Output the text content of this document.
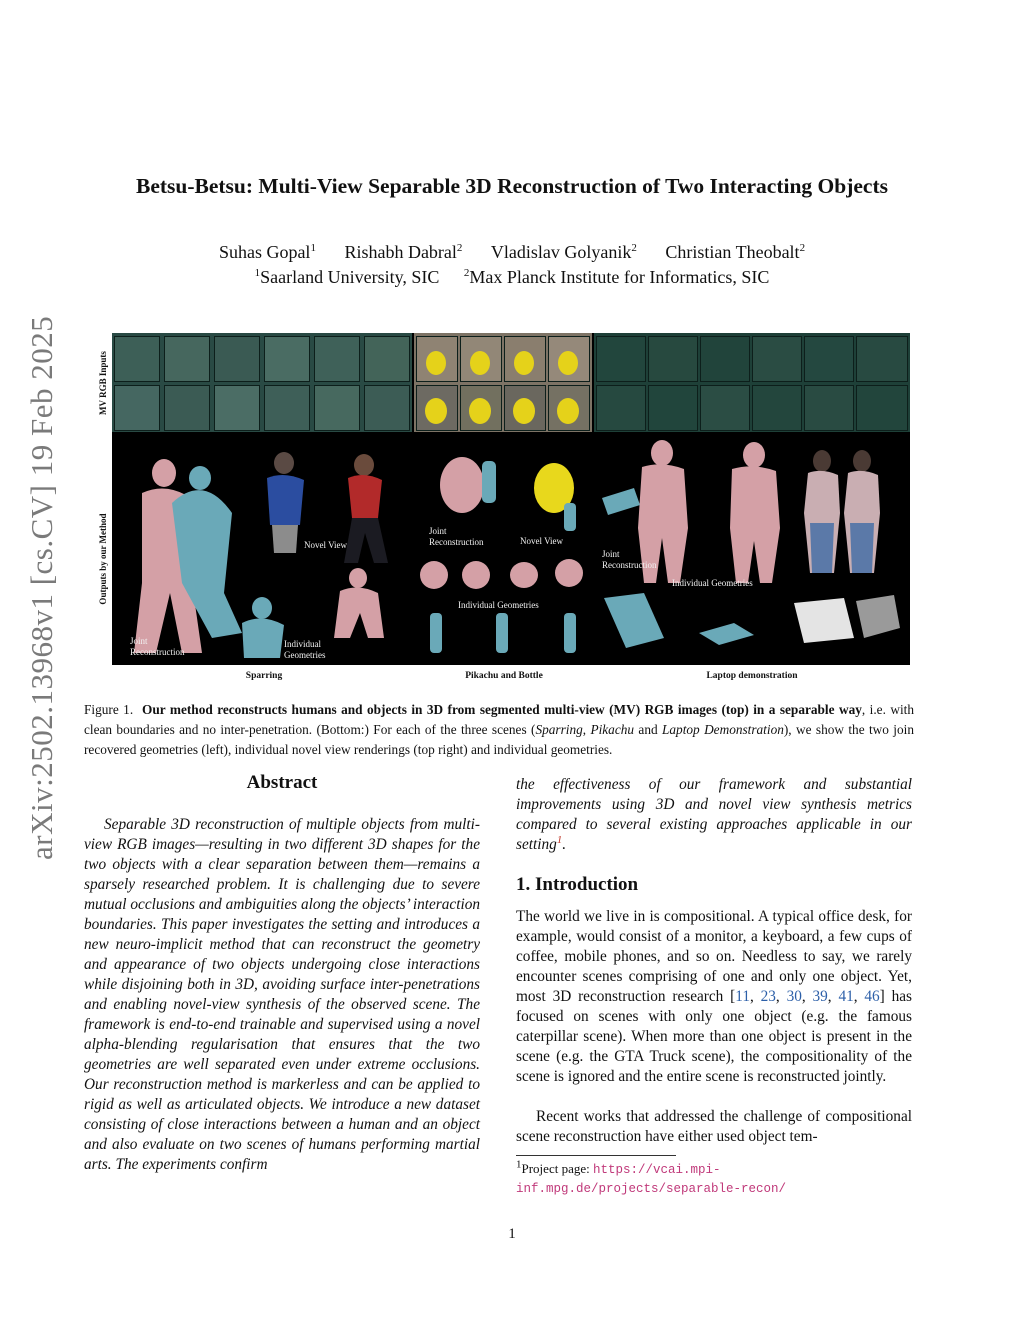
arXiv:2502.13968v1 [cs.CV] 19 Feb 2025
Betsu-Betsu: Multi-View Separable 3D Reconstruction of Two Interacting Objects
Suhas Gopal$^1$ Rishabh Dabral$^2$ Vladislav Golyanik$^2$ Christian Theobalt$^2$
$^1$Saarland University, SIC $^2$Max Planck Institute for Informatics, SIC
MV RGB Inputs
Outputs by our Method	Novel View
Joint
Reconstruction
Individual
Geometries
Joint
Reconstruction	Novel View
Individual Geometries
Joint
Reconstruction
Individual Geometries
Sparring	Pikachu and Bottle	Laptop demonstration
Figure 1. Our method reconstructs humans and objects in 3D from segmented multi-view (MV) RGB images (top) in a separable way, i.e. with clean boundaries and no inter-penetration. (Bottom:) For each of the three scenes (Sparring, Pikachu and Laptop Demonstration), we show the two join recovered geometries (left), individual novel view renderings (top right) and individual geometries.
Abstract
Separable 3D reconstruction of multiple objects from multi-view RGB images—resulting in two different 3D shapes for the two objects with a clear separation between them—remains a sparsely researched problem. It is challenging due to severe mutual occlusions and ambiguities along the objects’ interaction boundaries. This paper investigates the setting and introduces a new neuro-implicit method that can reconstruct the geometry and appearance of two objects undergoing close interactions while disjoining both in 3D, avoiding surface inter-penetrations and enabling novel-view synthesis of the observed scene. The framework is end-to-end trainable and supervised using a novel alpha-blending regularisation that ensures that the two geometries are well separated even under extreme occlusions. Our reconstruction method is markerless and can be applied to rigid as well as articulated objects. We introduce a new dataset consisting of close interactions between a human and an object and also evaluate on two scenes of humans performing martial arts. The experiments confirm
the effectiveness of our framework and substantial improvements using 3D and novel view synthesis metrics compared to several existing approaches applicable in our setting$^1$.
1. Introduction
The world we live in is compositional. A typical office desk, for example, would consist of a monitor, a keyboard, a few cups of coffee, mobile phones, and so on. Needless to say, we rarely encounter scenes comprising of one and only one object. Yet, most 3D reconstruction research [11, 23, 30, 39, 41, 46] has focused on scenes with only one object (e.g. the famous caterpillar scene). When more than one object is present in the scene (e.g. the GTA Truck scene), the compositionality of the scene is ignored and the entire scene is reconstructed jointly.
Recent works that addressed the challenge of compositional scene reconstruction have either used object tem-
$^1$Project page: https://vcai.mpi-inf.mpg.de/projects/separable-recon/
1
